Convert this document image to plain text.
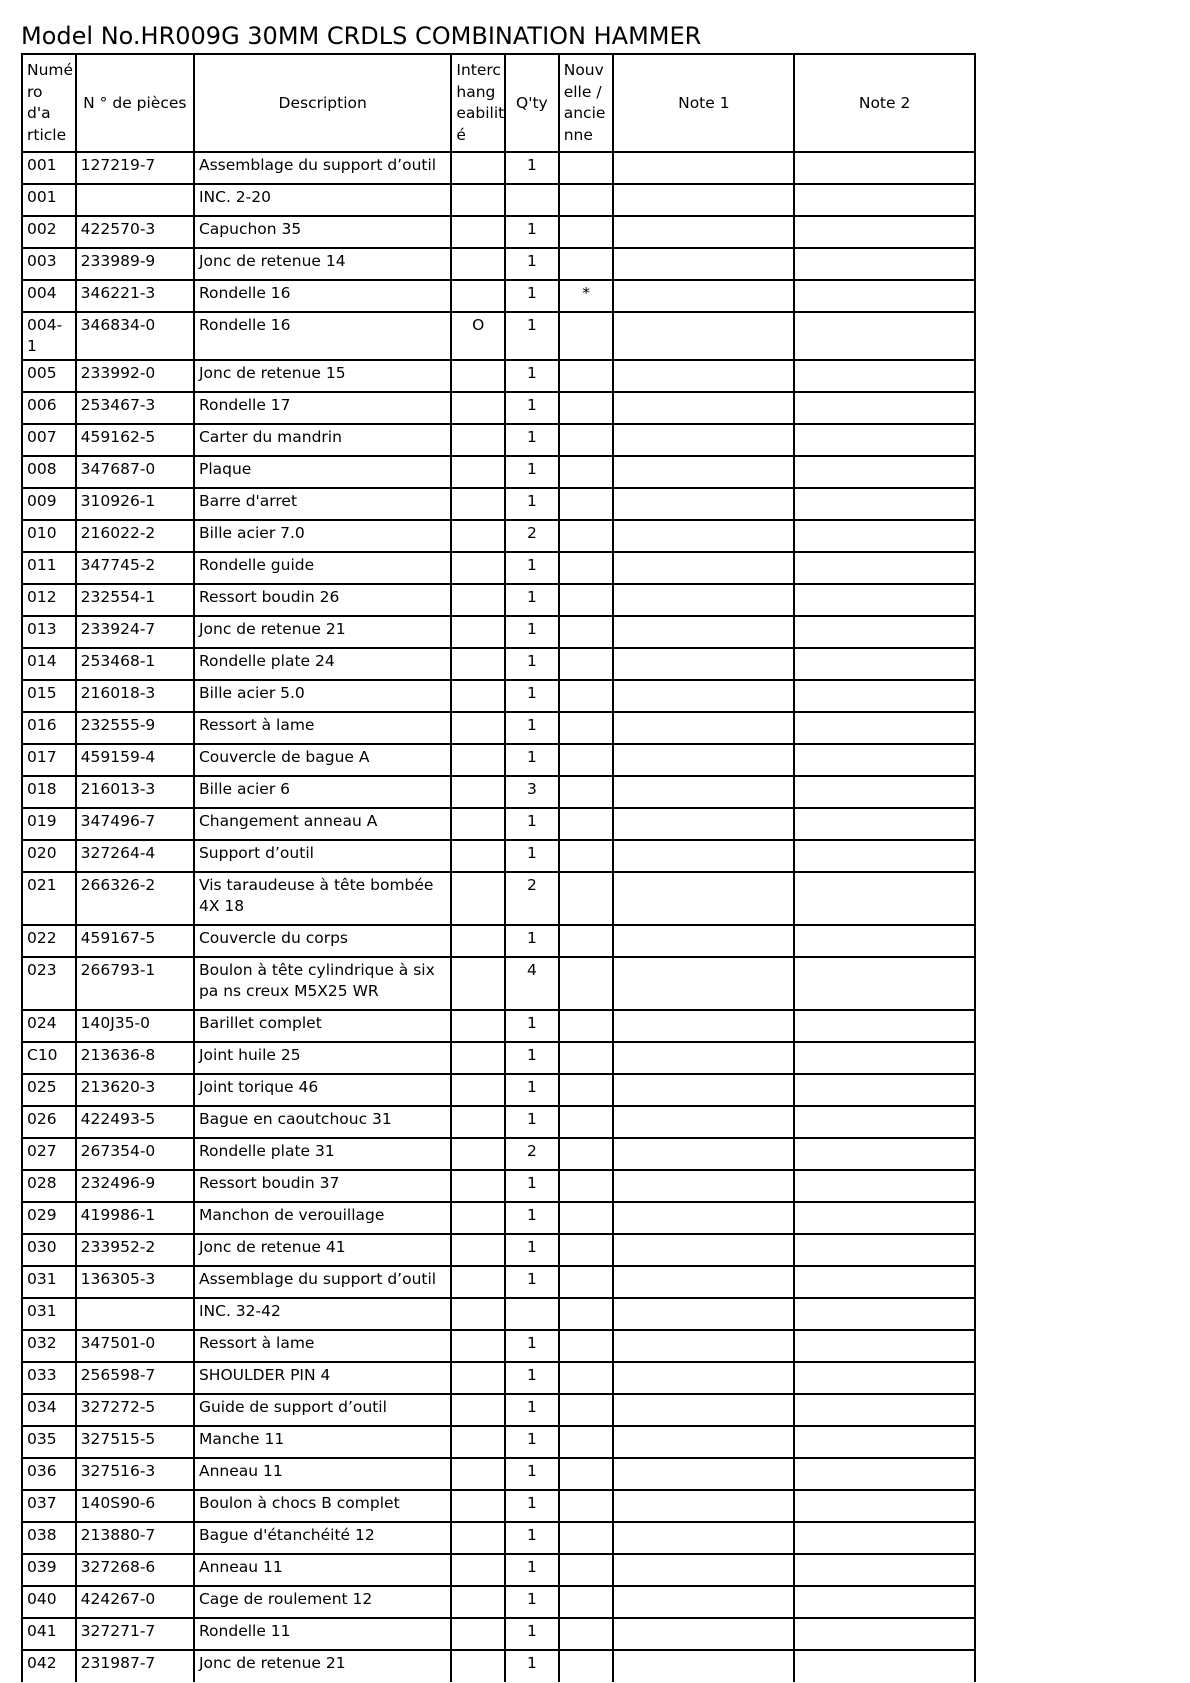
Model No.HR009G 30MM CRDLS COMBINATION HAMMER
Numé ro d'a rticle	N ° de pièces	Description	Interc hang eabilit é	Q'ty	Nouv elle / ancie nne	Note 1	Note 2
001	127219-7	Assemblage du support d’outil		1			
001		INC. 2-20					
002	422570-3	Capuchon 35		1			
003	233989-9	Jonc de retenue 14		1			
004	346221-3	Rondelle 16		1	*		
004-1	346834-0	Rondelle 16	O	1			
005	233992-0	Jonc de retenue 15		1			
006	253467-3	Rondelle 17		1			
007	459162-5	Carter du mandrin		1			
008	347687-0	Plaque		1			
009	310926-1	Barre d'arret		1			
010	216022-2	Bille acier 7.0		2			
011	347745-2	Rondelle guide		1			
012	232554-1	Ressort boudin 26		1			
013	233924-7	Jonc de retenue 21		1			
014	253468-1	Rondelle plate 24		1			
015	216018-3	Bille acier 5.0		1			
016	232555-9	Ressort à lame		1			
017	459159-4	Couvercle de bague A		1			
018	216013-3	Bille acier 6		3			
019	347496-7	Changement anneau A		1			
020	327264-4	Support d’outil		1			
021	266326-2	Vis taraudeuse à tête bombée 4X 18		2			
022	459167-5	Couvercle du corps		1			
023	266793-1	Boulon à tête cylindrique à six pa ns creux M5X25 WR		4			
024	140J35-0	Barillet complet		1			
C10	213636-8	Joint huile 25		1			
025	213620-3	Joint torique 46		1			
026	422493-5	Bague en caoutchouc 31		1			
027	267354-0	Rondelle plate 31		2			
028	232496-9	Ressort boudin 37		1			
029	419986-1	Manchon de verouillage		1			
030	233952-2	Jonc de retenue 41		1			
031	136305-3	Assemblage du support d’outil		1			
031		INC. 32-42					
032	347501-0	Ressort à lame		1			
033	256598-7	SHOULDER PIN 4		1			
034	327272-5	Guide de support d’outil		1			
035	327515-5	Manche 11		1			
036	327516-3	Anneau 11		1			
037	140S90-6	Boulon à chocs B complet		1			
038	213880-7	Bague d'étanchéité 12		1			
039	327268-6	Anneau 11		1			
040	424267-0	Cage de roulement 12		1			
041	327271-7	Rondelle 11		1			
042	231987-7	Jonc de retenue 21		1			
